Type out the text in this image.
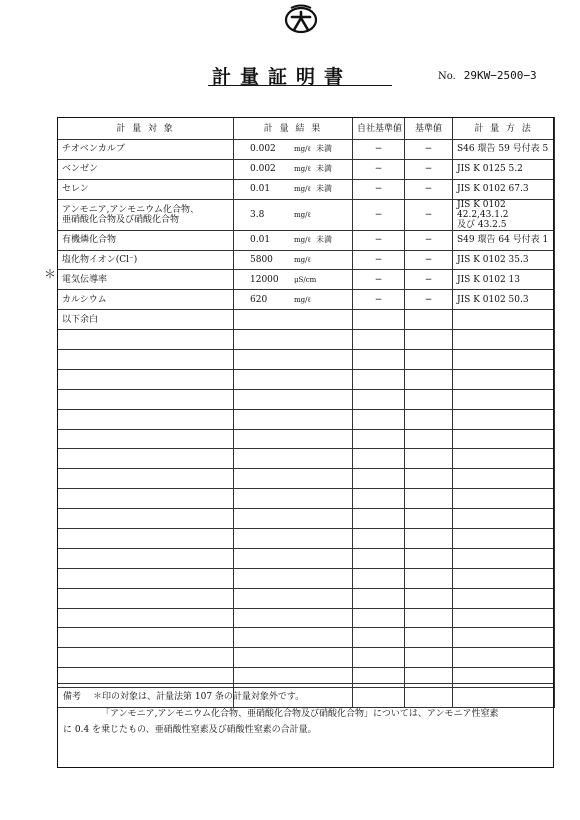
計量証明書	No. 29KW−2500−3
＊
計 量 対 象	計 量 結 果	自社基準値	基準値	計 量 方 法
チオベンカルブ	0.002 mg/ℓ 未満	−	−	S46 環告 59 号付表 5
ベンゼン	0.002 mg/ℓ 未満	−	−	JIS K 0125 5.2
セレン	0.01 mg/ℓ 未満	−	−	JIS K 0102 67.3
アンモニア,アンモニウム化合物、
亜硝酸化合物及び硝酸化合物	3.8 mg/ℓ	−	−	JIS K 0102 42.2,43.1.2
及び 43.2.5
有機燐化合物	0.01 mg/ℓ 未満	−	−	S49 環告 64 号付表 1
塩化物イオン(Cl⁻)	5800 mg/ℓ	−	−	JIS K 0102 35.3
電気伝導率	12000 μS/cm	−	−	JIS K 0102 13
カルシウム	620 mg/ℓ	−	−	JIS K 0102 50.3
以下余白	

備考 ＊印の対象は、計量法第 107 条の計量対象外です。
「アンモニア,アンモニウム化合物、亜硝酸化合物及び硝酸化合物」については、アンモニア性窒素
に 0.4 を乗じたもの、亜硝酸性窒素及び硝酸性窒素の合計量。
